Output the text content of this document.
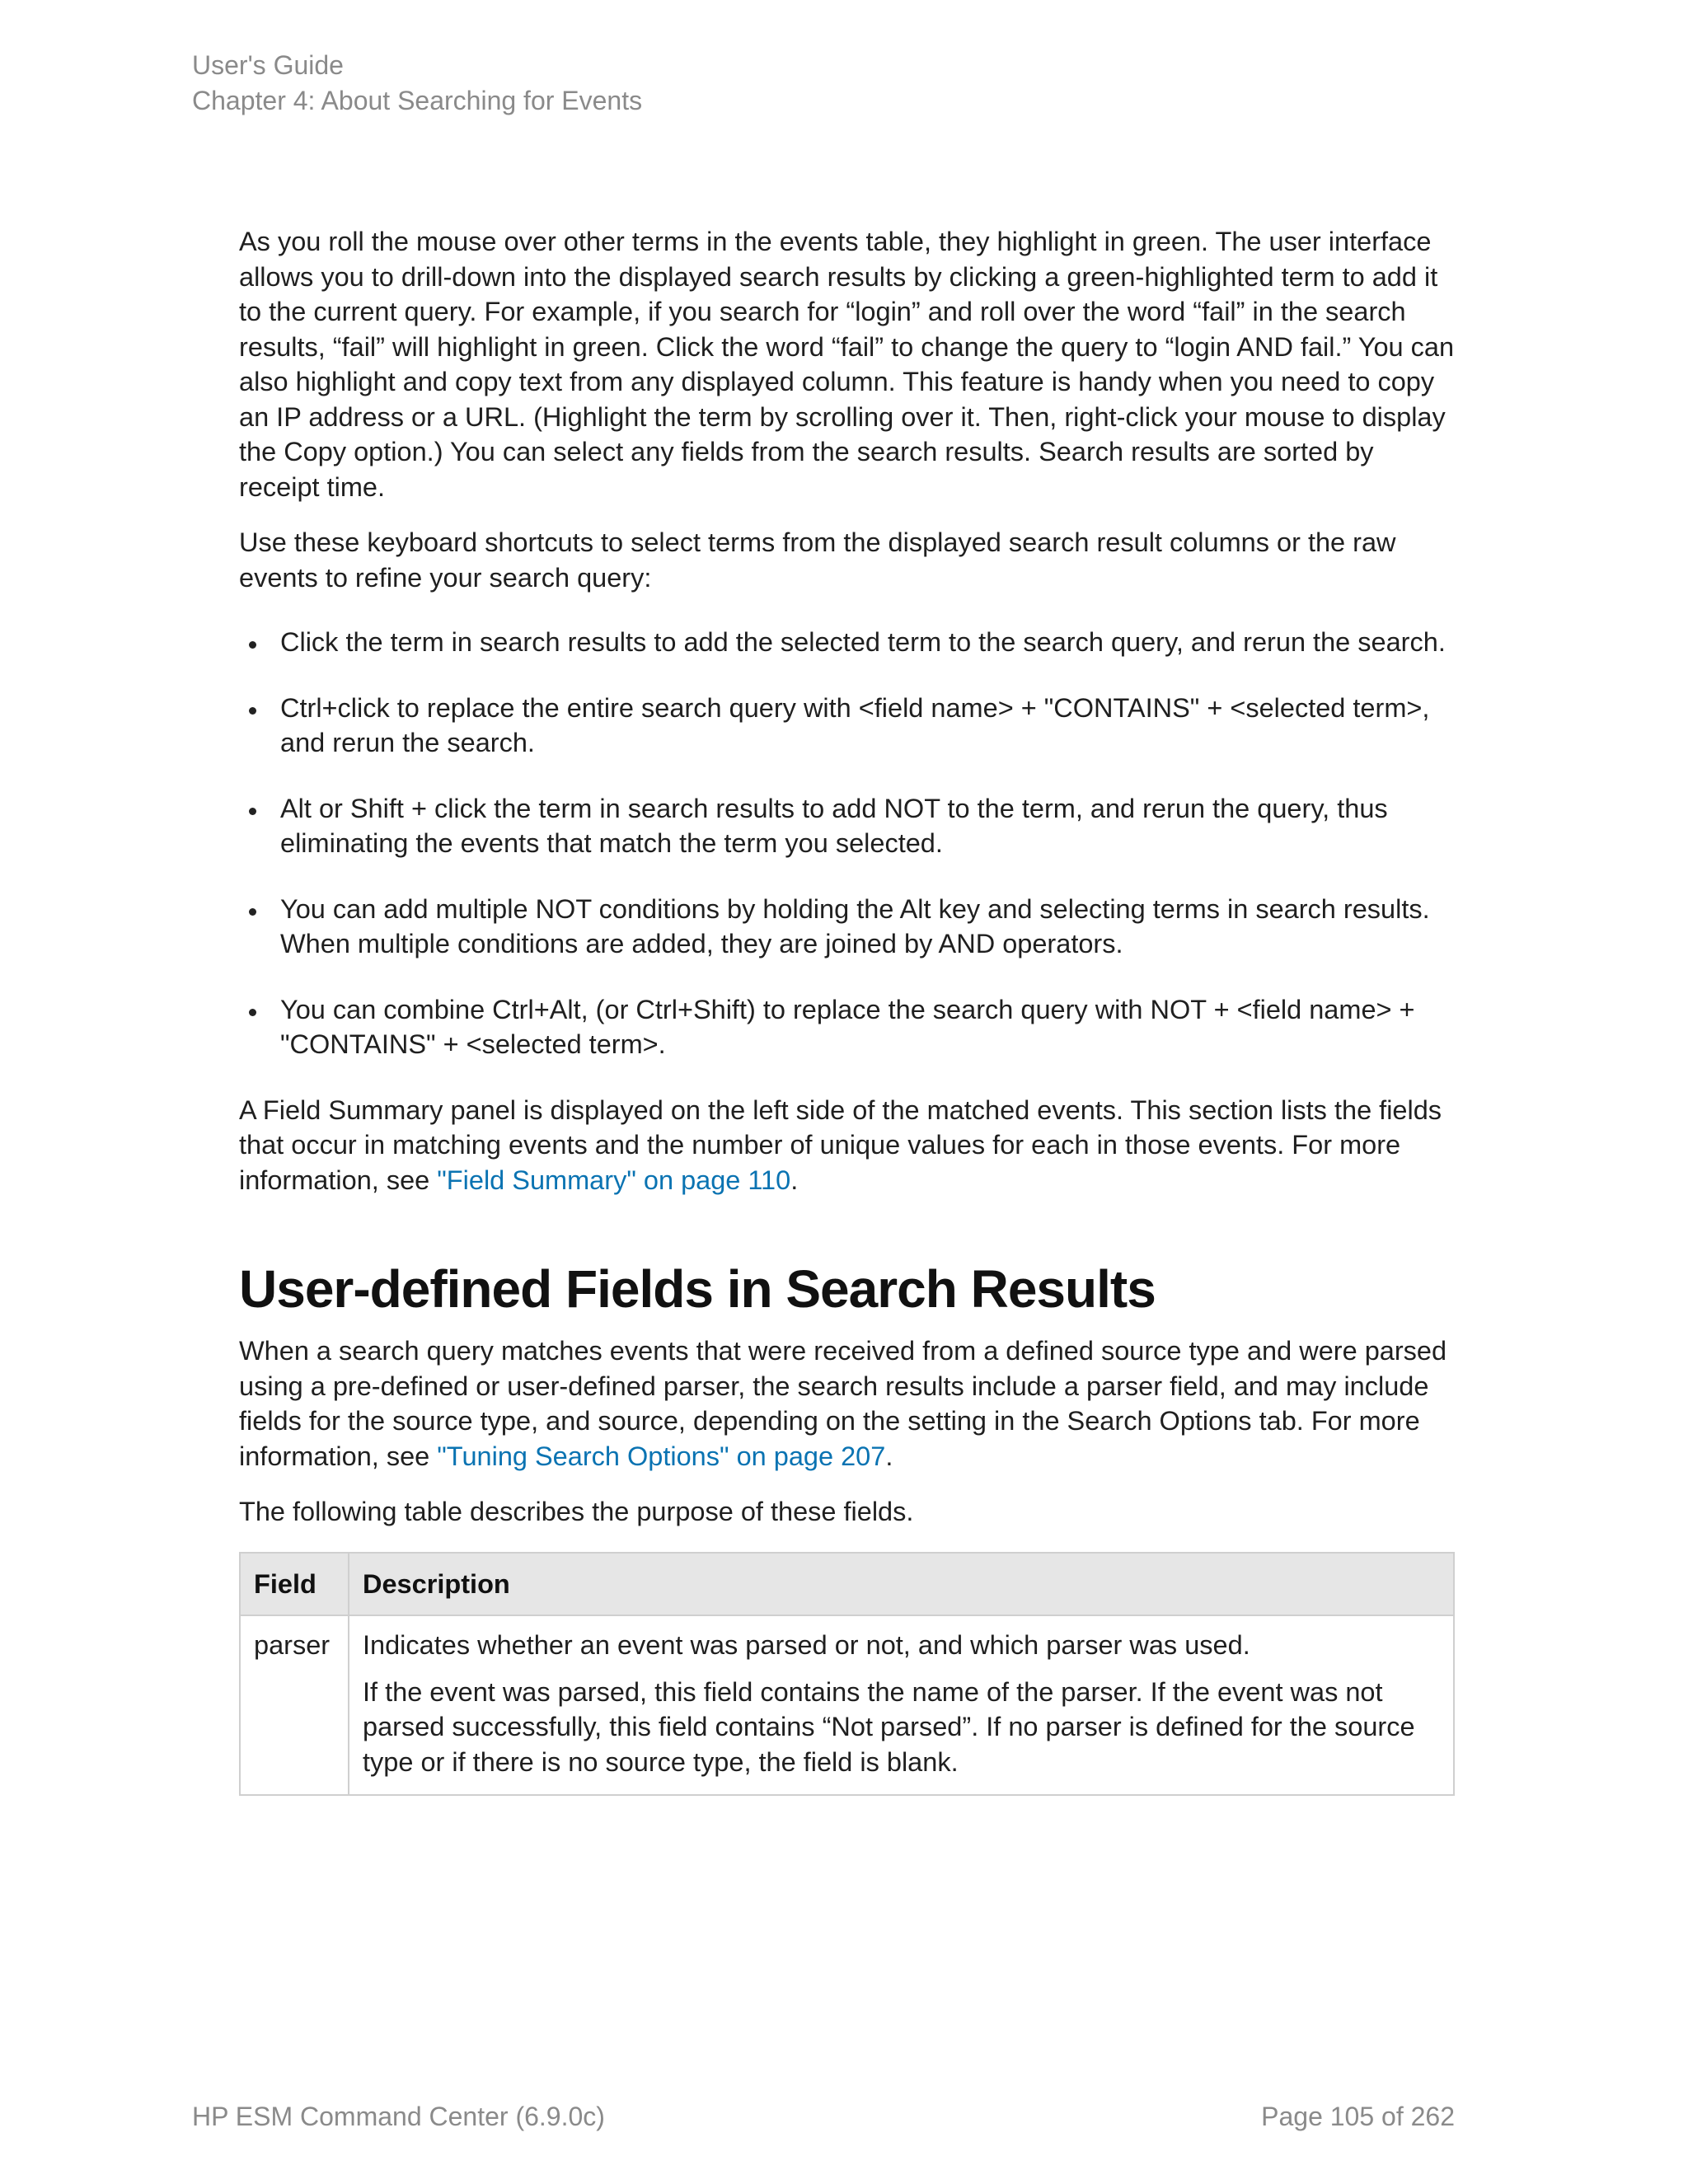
User's Guide
Chapter 4: About Searching for Events

As you roll the mouse over other terms in the events table, they highlight in green. The user interface allows you to drill-down into the displayed search results by clicking a green-highlighted term to add it to the current query. For example, if you search for “login” and roll over the word “fail” in the search results, “fail” will highlight in green. Click the word “fail” to change the query to “login AND fail.” You can also highlight and copy text from any displayed column. This feature is handy when you need to copy an IP address or a URL. (Highlight the term by scrolling over it. Then, right-click your mouse to display the Copy option.) You can select any fields from the search results. Search results are sorted by receipt time.

Use these keyboard shortcuts to select terms from the displayed search result columns or the raw events to refine your search query:

Click the term in search results to add the selected term to the search query, and rerun the search.
Ctrl+click to replace the entire search query with <field name> + "CONTAINS" + <selected term>, and rerun the search.
Alt or Shift + click the term in search results to add NOT to the term, and rerun the query, thus eliminating the events that match the term you selected.
You can add multiple NOT conditions by holding the Alt key and selecting terms in search results. When multiple conditions are added, they are joined by AND operators.
You can combine Ctrl+Alt, (or Ctrl+Shift) to replace the search query with NOT + <field name> + "CONTAINS" + <selected term>.

A Field Summary panel is displayed on the left side of the matched events. This section lists the fields that occur in matching events and the number of unique values for each in those events. For more information, see "Field Summary" on page 110.

User-defined Fields in Search Results

When a search query matches events that were received from a defined source type and were parsed using a pre-defined or user-defined parser, the search results include a parser field, and may include fields for the source type, and source, depending on the setting in the Search Options tab. For more information, see "Tuning Search Options" on page 207.

The following table describes the purpose of these fields.

Field	Description
parser	Indicates whether an event was parsed or not, and which parser was used.

If the event was parsed, this field contains the name of the parser. If the event was not parsed successfully, this field contains “Not parsed”. If no parser is defined for the source type or if there is no source type, the field is blank.

HP ESM Command Center (6.9.0c)	Page 105 of 262
